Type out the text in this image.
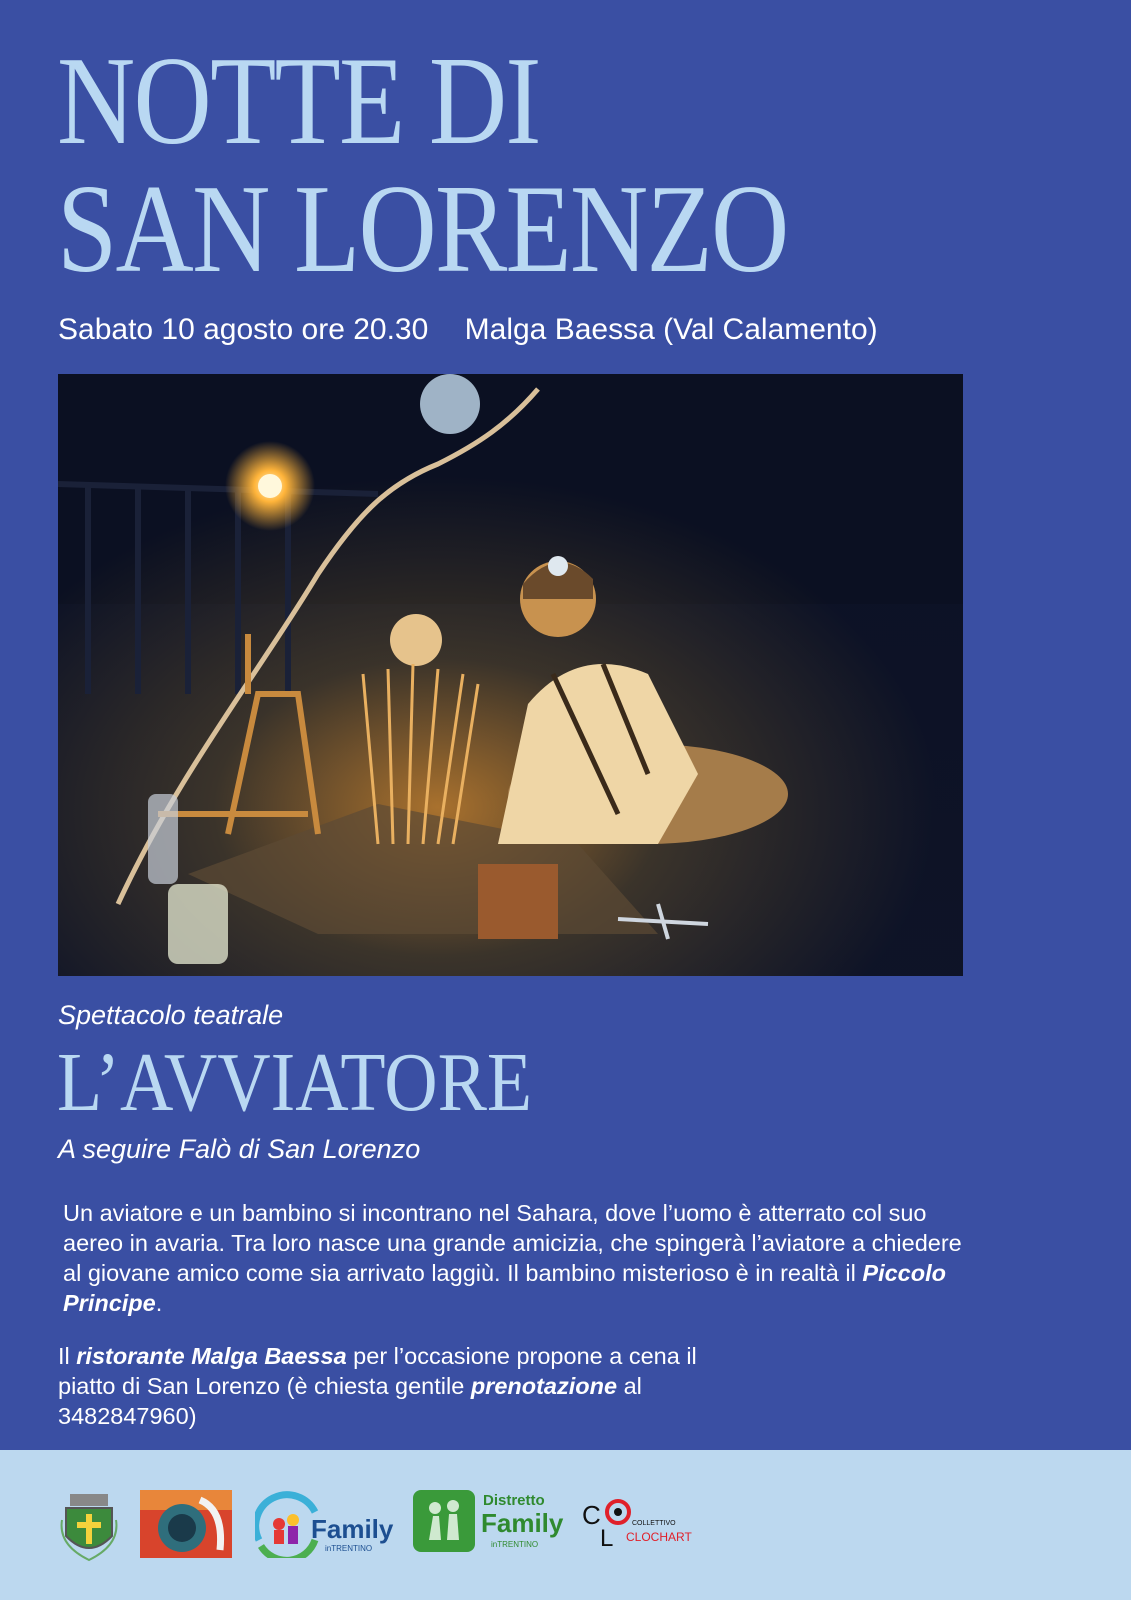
NOTTE DI
SAN LORENZO
Sabato 10 agosto ore 20.30 Malga Baessa (Val Calamento)
Spettacolo teatrale
L’AVVIATORE
A seguire Falò di San Lorenzo
Un aviatore e un bambino si incontrano nel Sahara, dove l’uomo è atterrato col suo aereo in avaria. Tra loro nasce una grande amicizia, che spingerà l’aviatore a chiedere al giovane amico come sia arrivato laggiù. Il bambino misterioso è in realtà il Piccolo Principe.
Il ristorante Malga Baessa per l’occasione propone a cena il piatto di San Lorenzo (è chiesta gentile prenotazione al 3482847960)
Family
inTRENTINO
Distretto
Family
inTRENTINO
C
L
COLLETTIVO
CLOCHART
